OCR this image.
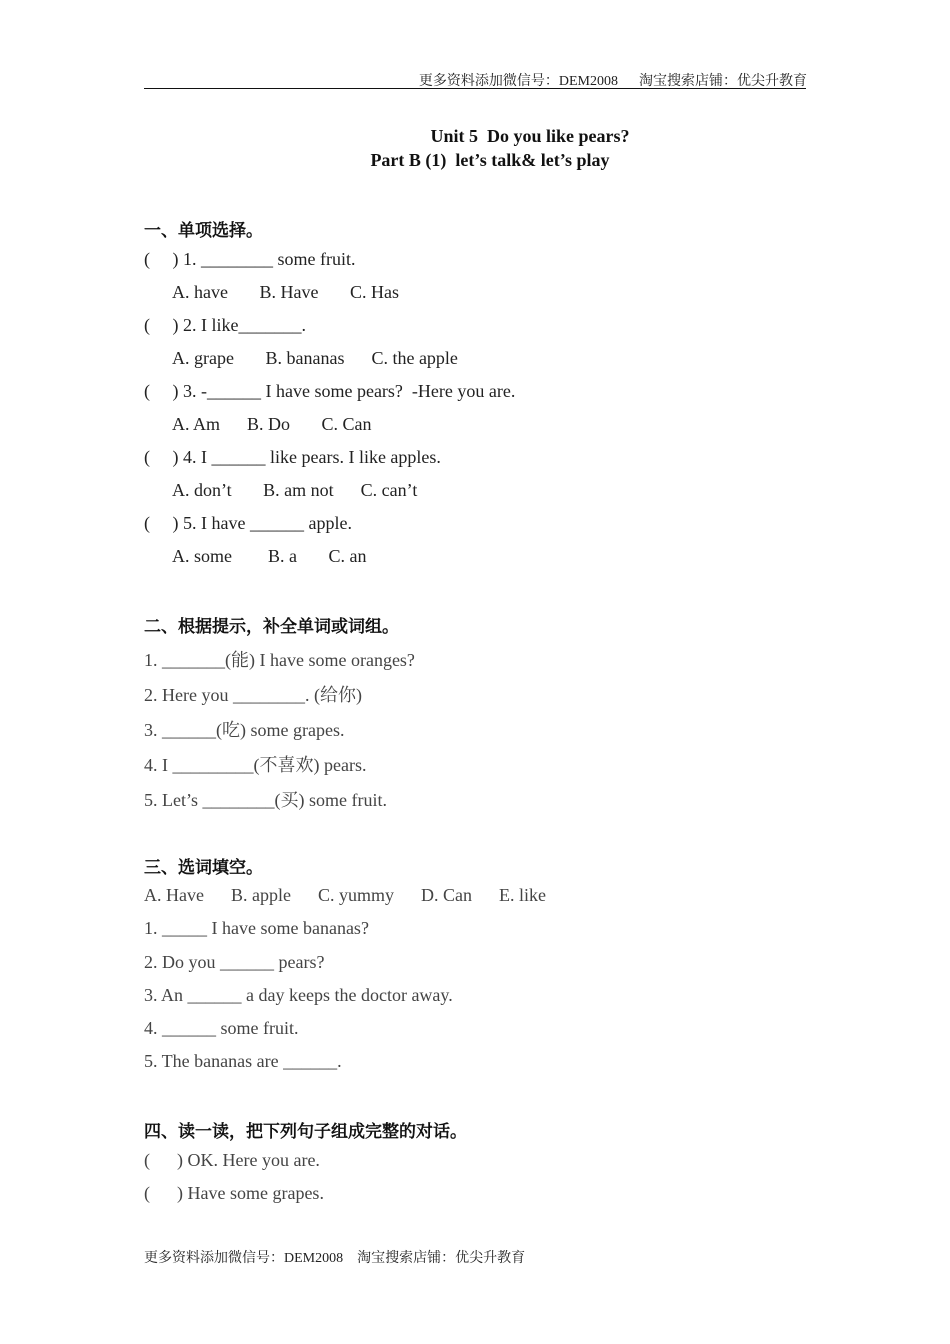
更多资料添加微信号：DEM2008      淘宝搜索店铺：优尖升教育
Unit 5  Do you like pears?
Part B (1)  let’s talk& let’s play
一、单项选择。
(     ) 1. ________ some fruit.
A. have       B. Have       C. Has
(     ) 2. I like_______.
A. grape       B. bananas      C. the apple
(     ) 3. -______ I have some pears?  -Here you are.
A. Am      B. Do       C. Can
(     ) 4. I ______ like pears. I like apples.
A. don’t       B. am not      C. can’t
(     ) 5. I have ______ apple.
A. some        B. a       C. an
二、根据提示，补全单词或词组。
1. _______(能) I have some oranges?
2. Here you ________. (给你)
3. ______(吃) some grapes.
4. I _________(不喜欢) pears.
5. Let’s ________(买) some fruit.
三、选词填空。
A. Have      B. apple      C. yummy      D. Can      E. like
1. _____ I have some bananas?
2. Do you ______ pears?
3. An ______ a day keeps the doctor away.
4. ______ some fruit.
5. The bananas are ______.
四、读一读，把下列句子组成完整的对话。
(      ) OK. Here you are.
(      ) Have some grapes.
更多资料添加微信号：DEM2008    淘宝搜索店铺：优尖升教育
